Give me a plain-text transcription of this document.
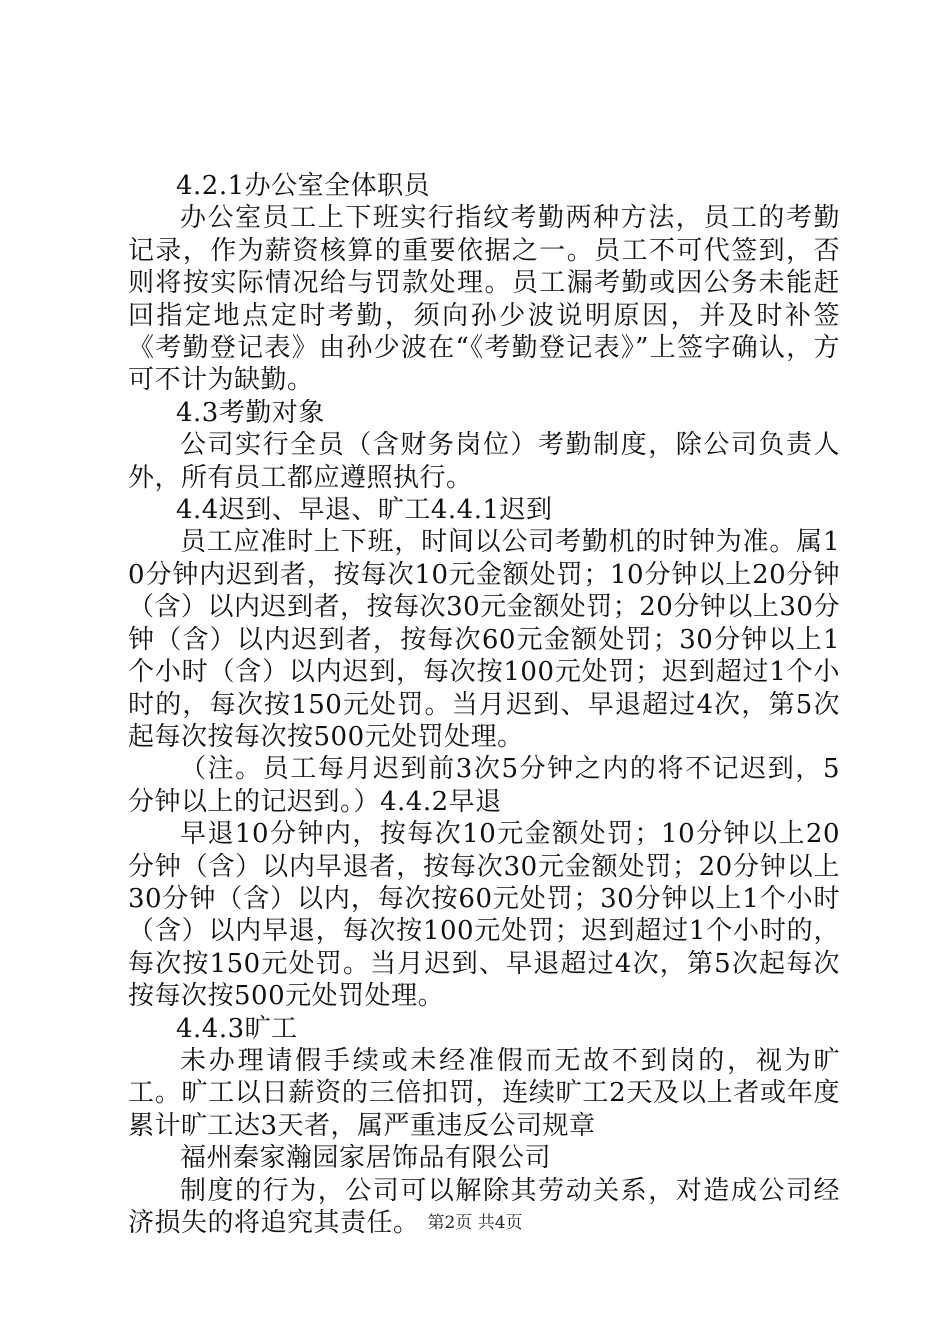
4.2.1办公室全体职员

办公室员工上下班实行指纹考勤两种方法，员工的考勤记录，作为薪资核算的重要依据之一。员工不可代签到，否则将按实际情况给与罚款处理。员工漏考勤或因公务未能赶回指定地点定时考勤，须向孙少波说明原因，并及时补签《考勤登记表》由孙少波在“《考勤登记表》”上签字确认，方可不计为缺勤。

4.3考勤对象

公司实行全员（含财务岗位）考勤制度，除公司负责人外，所有员工都应遵照执行。

4.4迟到、早退、旷工4.4.1迟到

员工应准时上下班，时间以公司考勤机的时钟为准。属10分钟内迟到者，按每次10元金额处罚；10分钟以上20分钟（含）以内迟到者，按每次30元金额处罚；20分钟以上30分钟（含）以内迟到者，按每次60元金额处罚；30分钟以上1个小时（含）以内迟到，每次按100元处罚；迟到超过1个小时的，每次按150元处罚。当月迟到、早退超过4次，第5次起每次按每次按500元处罚处理。

（注。员工每月迟到前3次5分钟之内的将不记迟到，5分钟以上的记迟到。）4.4.2早退

早退10分钟内，按每次10元金额处罚；10分钟以上20分钟（含）以内早退者，按每次30元金额处罚；20分钟以上30分钟（含）以内，每次按60元处罚；30分钟以上1个小时（含）以内早退，每次按100元处罚；迟到超过1个小时的，每次按150元处罚。当月迟到、早退超过4次，第5次起每次按每次按500元处罚处理。

4.4.3旷工

未办理请假手续或未经准假而无故不到岗的，视为旷工。旷工以日薪资的三倍扣罚，连续旷工2天及以上者或年度累计旷工达3天者，属严重违反公司规章

福州秦家瀚园家居饰品有限公司

制度的行为，公司可以解除其劳动关系，对造成公司经济损失的将追究其责任。 第2页 共4页
